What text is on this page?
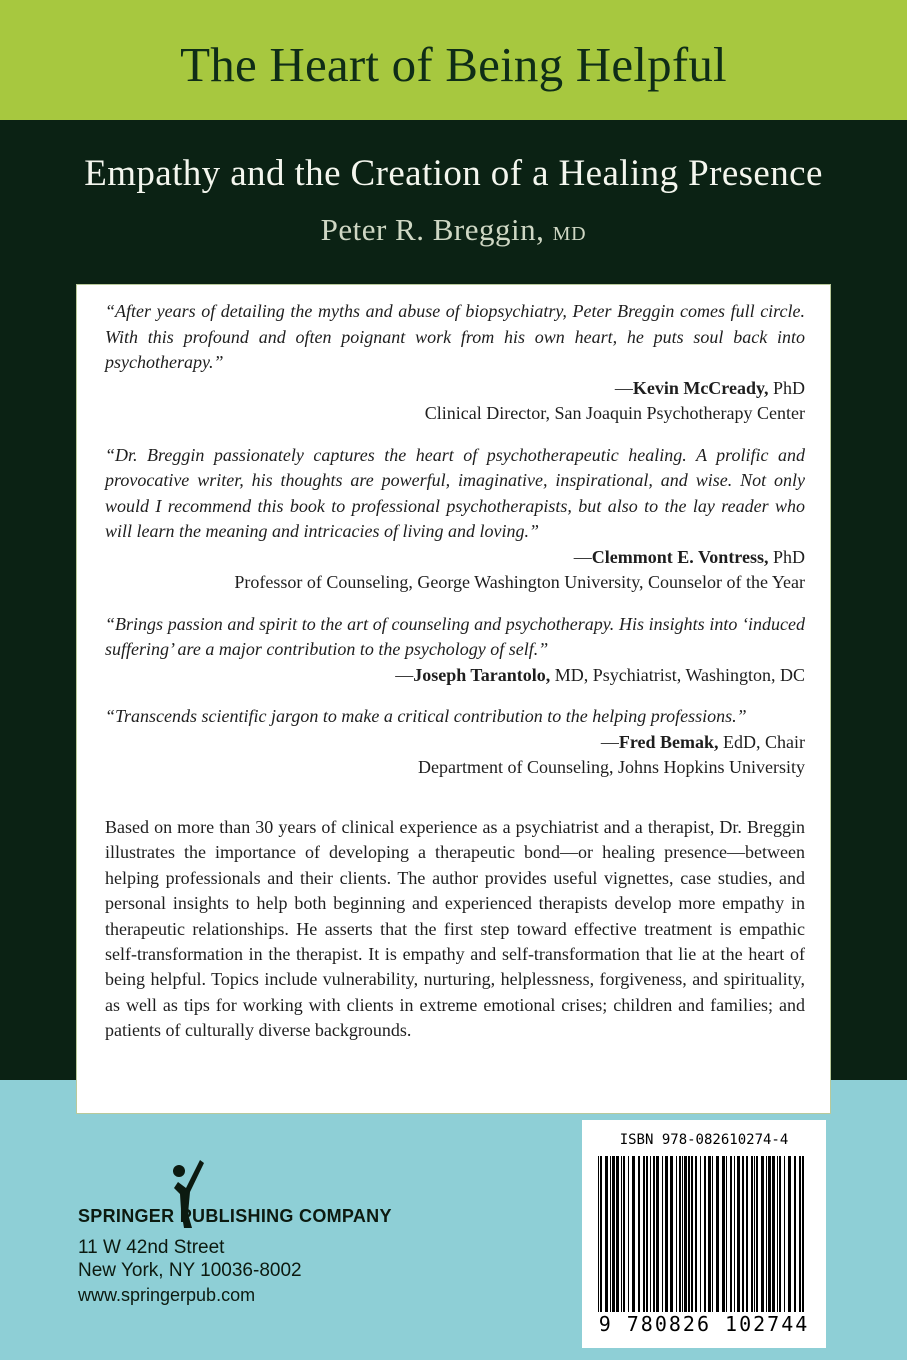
The Heart of Being Helpful
Empathy and the Creation of a Healing Presence
Peter R. Breggin, MD

“After years of detailing the myths and abuse of biopsychiatry, Peter Breggin comes full circle. With this profound and often poignant work from his own heart, he puts soul back into psychotherapy.”

—Kevin McCready, PhD

Clinical Director, San Joaquin Psychotherapy Center

“Dr. Breggin passionately captures the heart of psychotherapeutic healing. A prolific and provocative writer, his thoughts are powerful, imaginative, inspirational, and wise. Not only would I recommend this book to professional psychotherapists, but also to the lay reader who will learn the meaning and intricacies of living and loving.”

—Clemmont E. Vontress, PhD

Professor of Counseling, George Washington University, Counselor of the Year

“Brings passion and spirit to the art of counseling and psychotherapy. His insights into ‘induced suffering’ are a major contribution to the psychology of self.”

—Joseph Tarantolo, MD, Psychiatrist, Washington, DC

“Transcends scientific jargon to make a critical contribution to the helping professions.”

—Fred Bemak, EdD, Chair

Department of Counseling, Johns Hopkins University

Based on more than 30 years of clinical experience as a psychiatrist and a therapist, Dr. Breggin illustrates the importance of developing a therapeutic bond—or healing presence—between helping professionals and their clients. The author provides useful vignettes, case studies, and personal insights to help both beginning and experienced therapists develop more empathy in therapeutic relationships. He asserts that the first step toward effective treatment is empathic self-transformation in the therapist. It is empathy and self-transformation that lie at the heart of being helpful. Topics include vulnerability, nurturing, helplessness, forgiveness, and spirituality, as well as tips for working with clients in extreme emotional crises; children and families; and patients of culturally diverse backgrounds.

SPRINGER PUBLISHING COMPANY
11 W 42nd Street
New York, NY 10036-8002
www.springerpub.com
ISBN 978-082610274-4
9 780826 102744
